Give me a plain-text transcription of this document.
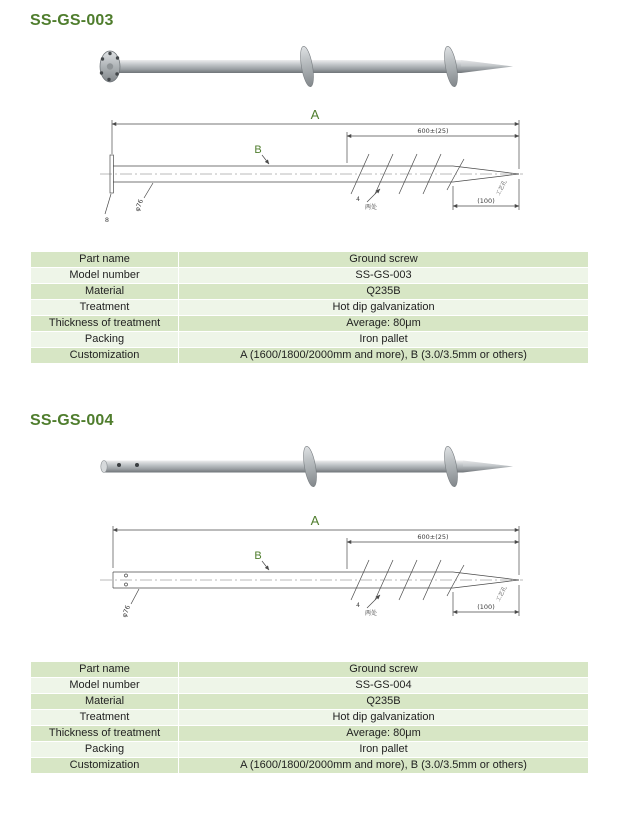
SS-GS-003
600±(25)
(100)
4
两处
8
φ76
工艺孔
A
B
Part name	Ground screw
Model number	SS-GS-003
Material	Q235B
Treatment	Hot dip galvanization
Thickness of treatment	Average: 80μm
Packing	Iron pallet
Customization	A (1600/1800/2000mm and more), B (3.0/3.5mm or others)
SS-GS-004
600±(25)
(100)
4
两处
φ76
工艺孔
A
B
Part name	Ground screw
Model number	SS-GS-004
Material	Q235B
Treatment	Hot dip galvanization
Thickness of treatment	Average: 80μm
Packing	Iron pallet
Customization	A (1600/1800/2000mm and more), B (3.0/3.5mm or others)
